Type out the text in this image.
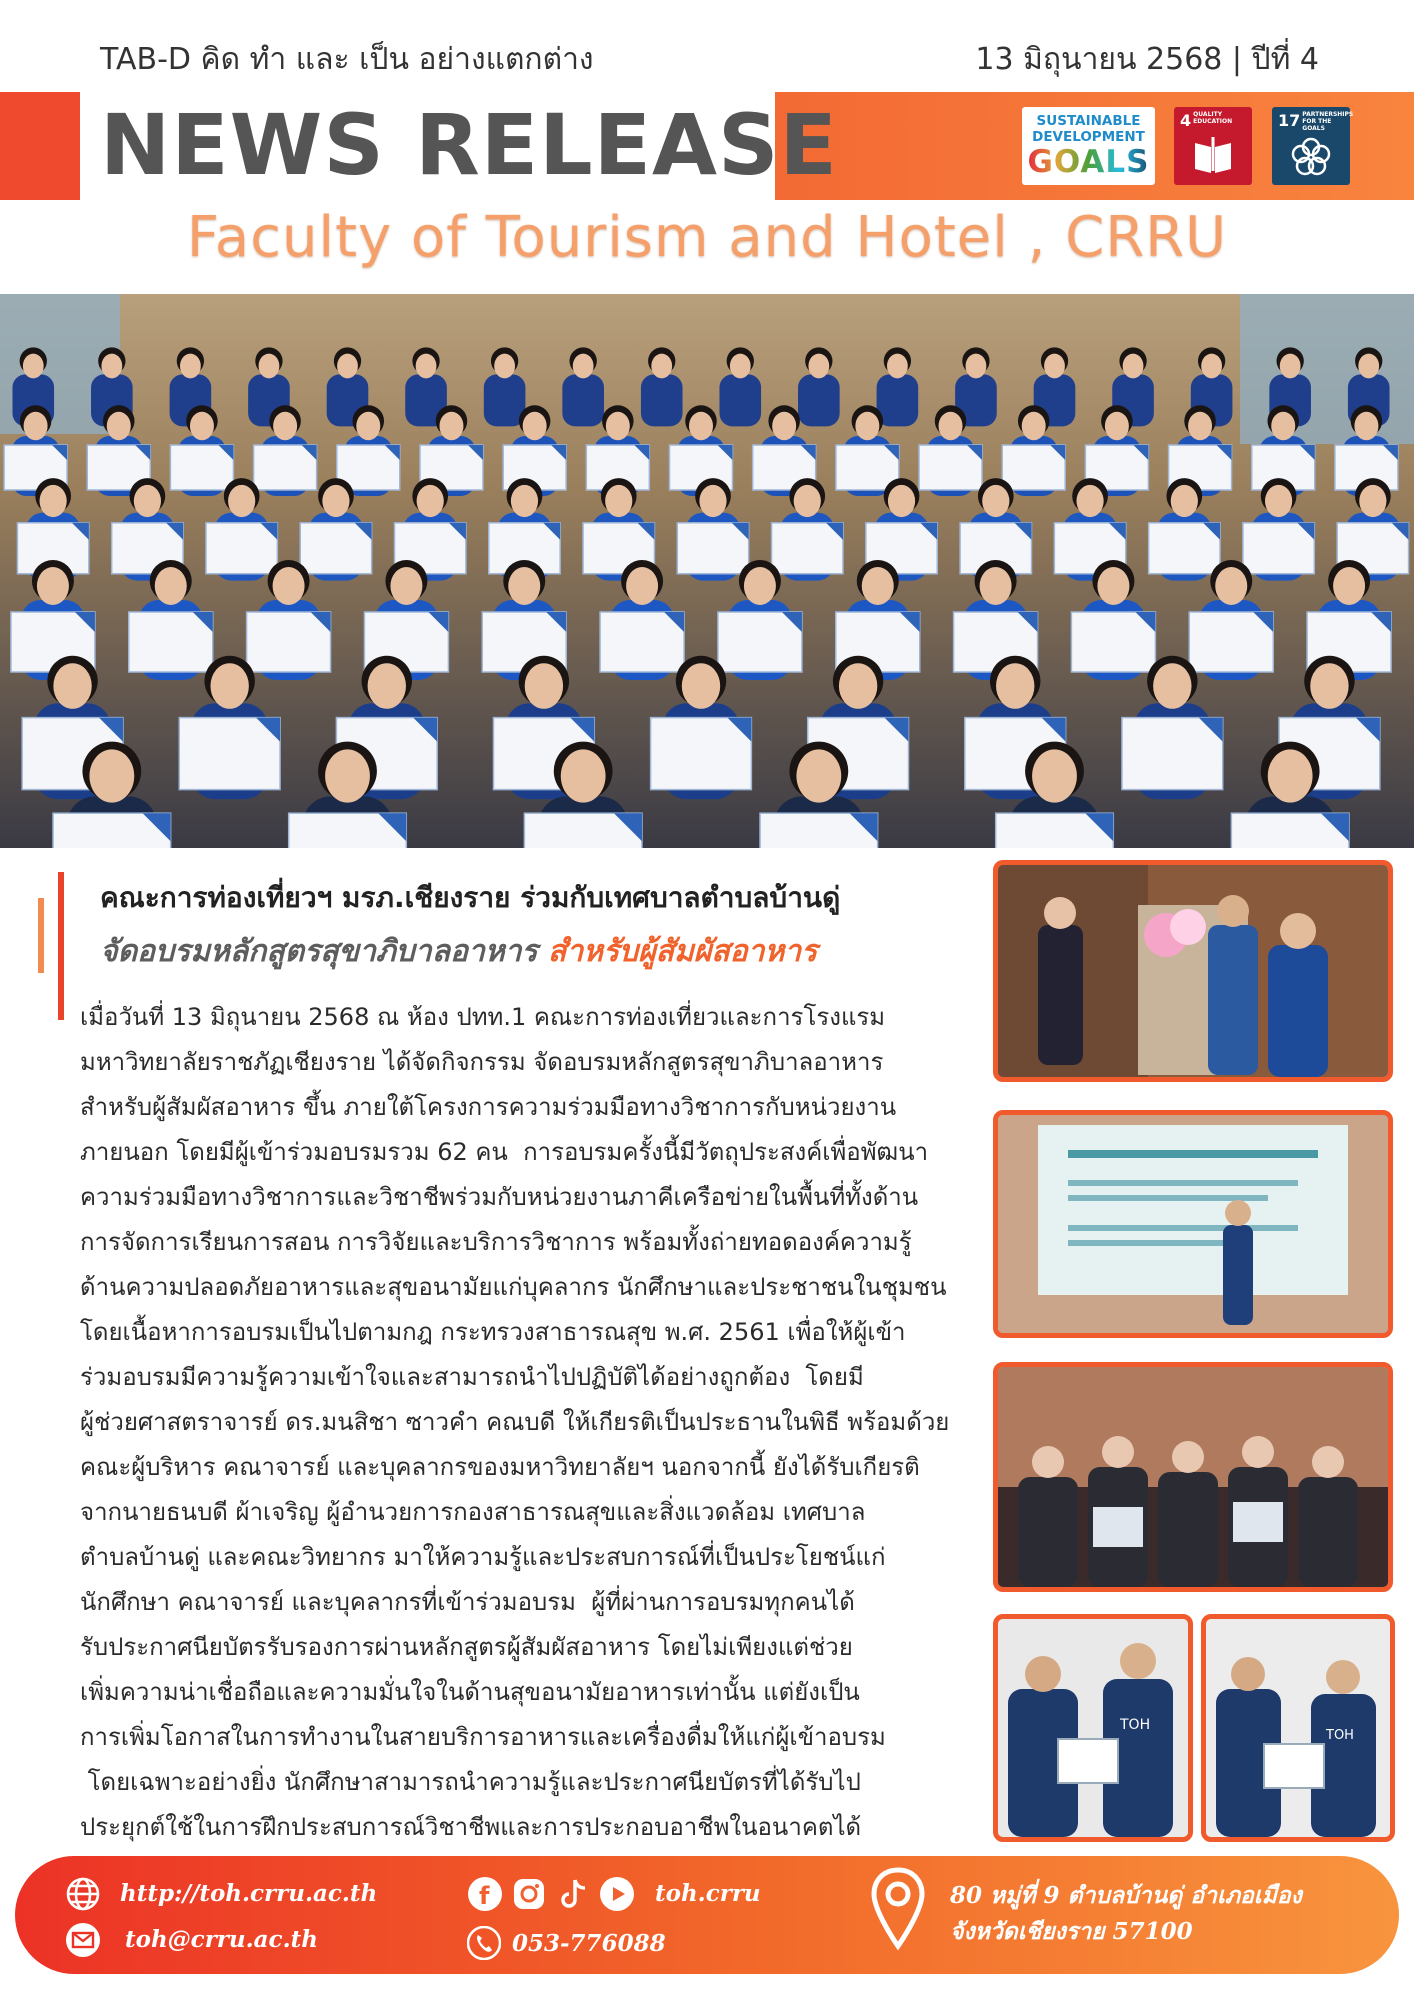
TAB-D คิด ทำ และ เป็น อย่างแตกต่าง	13 มิถุนายน 2568 | ปีที่ 4
NEWS RELEASE	SUSTAINABLE
DEVELOPMENT
GOALS
4 QUALITY EDUCATION	17 PARTNERSHIPS FOR THE GOALS
Faculty of Tourism and Hotel , CRRU
คณะการท่องเที่ยวฯ มรภ.เชียงราย ร่วมกับเทศบาลตำบลบ้านดู่
จัดอบรมหลักสูตรสุขาภิบาลอาหาร สำหรับผู้สัมผัสอาหาร
เมื่อวันที่ 13 มิถุนายน 2568 ณ ห้อง ปทท.1 คณะการท่องเที่ยวและการโรงแรม
มหาวิทยาลัยราชภัฏเชียงราย ได้จัดกิจกรรม จัดอบรมหลักสูตรสุขาภิบาลอาหาร
สำหรับผู้สัมผัสอาหาร ขึ้น ภายใต้โครงการความร่วมมือทางวิชาการกับหน่วยงาน
ภายนอก โดยมีผู้เข้าร่วมอบรมรวม 62 คน  การอบรมครั้งนี้มีวัตถุประสงค์เพื่อพัฒนา
ความร่วมมือทางวิชาการและวิชาชีพร่วมกับหน่วยงานภาคีเครือข่ายในพื้นที่ทั้งด้าน
การจัดการเรียนการสอน การวิจัยและบริการวิชาการ พร้อมทั้งถ่ายทอดองค์ความรู้
ด้านความปลอดภัยอาหารและสุขอนามัยแก่บุคลากร นักศึกษาและประชาชนในชุมชน
โดยเนื้อหาการอบรมเป็นไปตามกฎ กระทรวงสาธารณสุข พ.ศ. 2561 เพื่อให้ผู้เข้า
ร่วมอบรมมีความรู้ความเข้าใจและสามารถนำไปปฏิบัติได้อย่างถูกต้อง  โดยมี
ผู้ช่วยศาสตราจารย์ ดร.มนสิชา ซาวคำ คณบดี ให้เกียรติเป็นประธานในพิธี พร้อมด้วย
คณะผู้บริหาร คณาจารย์ และบุคลากรของมหาวิทยาลัยฯ นอกจากนี้ ยังได้รับเกียรติ
จากนายธนบดี ผ้าเจริญ ผู้อำนวยการกองสาธารณสุขและสิ่งแวดล้อม เทศบาล
ตำบลบ้านดู่ และคณะวิทยากร มาให้ความรู้และประสบการณ์ที่เป็นประโยชน์แก่
นักศึกษา คณาจารย์ และบุคลากรที่เข้าร่วมอบรม  ผู้ที่ผ่านการอบรมทุกคนได้
รับประกาศนียบัตรรับรองการผ่านหลักสูตรผู้สัมผัสอาหาร โดยไม่เพียงแต่ช่วย
เพิ่มความน่าเชื่อถือและความมั่นใจในด้านสุขอนามัยอาหารเท่านั้น แต่ยังเป็น
การเพิ่มโอกาสในการทำงานในสายบริการอาหารและเครื่องดื่มให้แก่ผู้เข้าอบรม
โดยเฉพาะอย่างยิ่ง นักศึกษาสามารถนำความรู้และประกาศนียบัตรที่ได้รับไป
ประยุกต์ใช้ในการฝึกประสบการณ์วิชาชีพและการประกอบอาชีพในอนาคตได้
TOH
TOH
http://toh.crru.ac.th
toh@crru.ac.th
f	toh.crru
053-776088
80 หมู่ที่ 9 ตำบลบ้านดู่ อำเภอเมือง
จังหวัดเชียงราย 57100
